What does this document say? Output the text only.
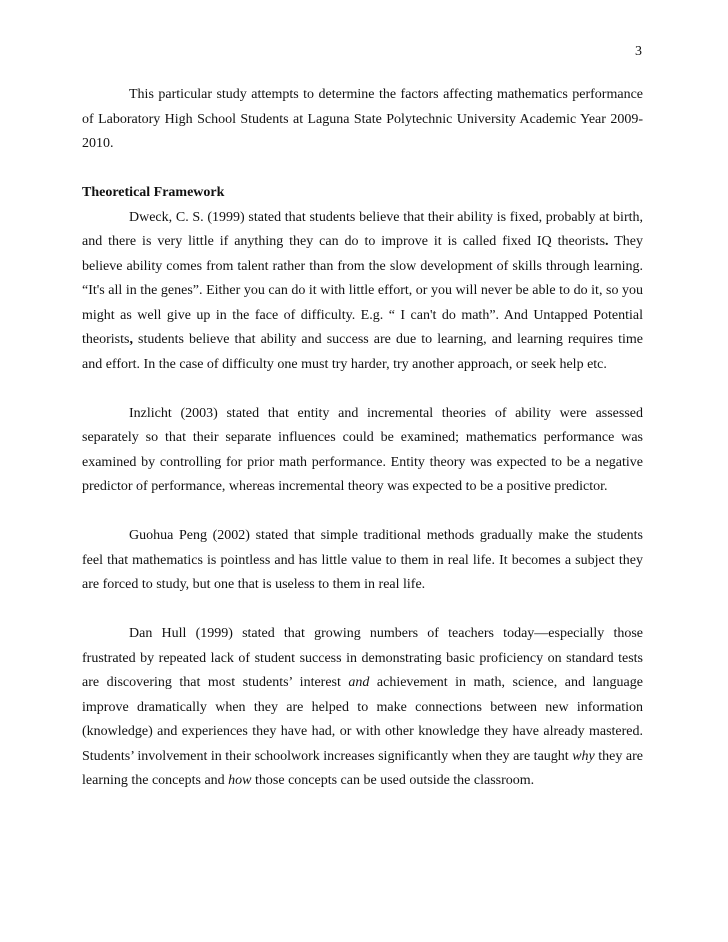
3

This particular study attempts to determine the factors affecting mathematics performance of Laboratory High School Students at Laguna State Polytechnic University Academic Year 2009-2010.

Theoretical Framework

Dweck, C. S. (1999) stated that students believe that their ability is fixed, probably at birth, and there is very little if anything they can do to improve it is called fixed IQ theorists. They believe ability comes from talent rather than from the slow development of skills through learning. “It's all in the genes”. Either you can do it with little effort, or you will never be able to do it, so you might as well give up in the face of difficulty. E.g. “ I can't do math”. And Untapped Potential theorists, students believe that ability and success are due to learning, and learning requires time and effort. In the case of difficulty one must try harder, try another approach, or seek help etc.

Inzlicht (2003) stated that entity and incremental theories of ability were assessed separately so that their separate influences could be examined; mathematics performance was examined by controlling for prior math performance. Entity theory was expected to be a negative predictor of performance, whereas incremental theory was expected to be a positive predictor.

Guohua Peng (2002) stated that simple traditional methods gradually make the students feel that mathematics is pointless and has little value to them in real life. It becomes a subject they are forced to study, but one that is useless to them in real life.

Dan Hull (1999) stated that growing numbers of teachers today—especially those frustrated by repeated lack of student success in demonstrating basic proficiency on standard tests are discovering that most students’ interest and achievement in math, science, and language improve dramatically when they are helped to make connections between new information (knowledge) and experiences they have had, or with other knowledge they have already mastered. Students’ involvement in their schoolwork increases significantly when they are taught why they are learning the concepts and how those concepts can be used outside the classroom.
